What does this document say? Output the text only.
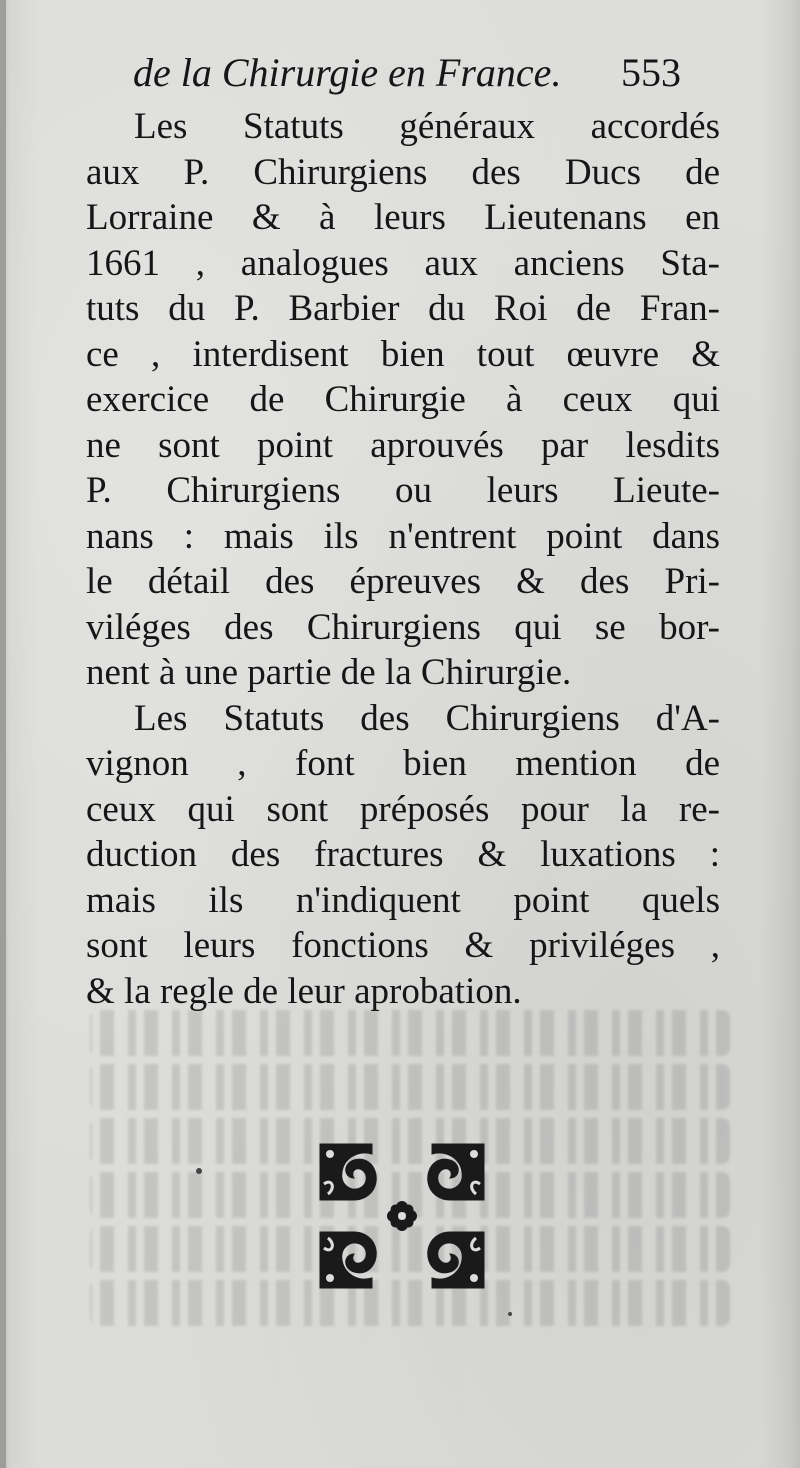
de la Chirurgie en France. 553
Les Statuts généraux accordés
aux P. Chirurgiens des Ducs de
Lorraine & à leurs Lieutenans en
1661 , analogues aux anciens Sta-
tuts du P. Barbier du Roi de Fran-
ce , interdisent bien tout œuvre &
exercice de Chirurgie à ceux qui
ne sont point aprouvés par lesdits
P. Chirurgiens ou leurs Lieute-
nans : mais ils n'entrent point dans
le détail des épreuves & des Pri-
viléges des Chirurgiens qui se bor-
nent à une partie de la Chirurgie.
Les Statuts des Chirurgiens d'A-
vignon , font bien mention de
ceux qui sont préposés pour la re-
duction des fractures & luxations :
mais ils n'indiquent point quels
sont leurs fonctions & priviléges ,
& la regle de leur aprobation.
